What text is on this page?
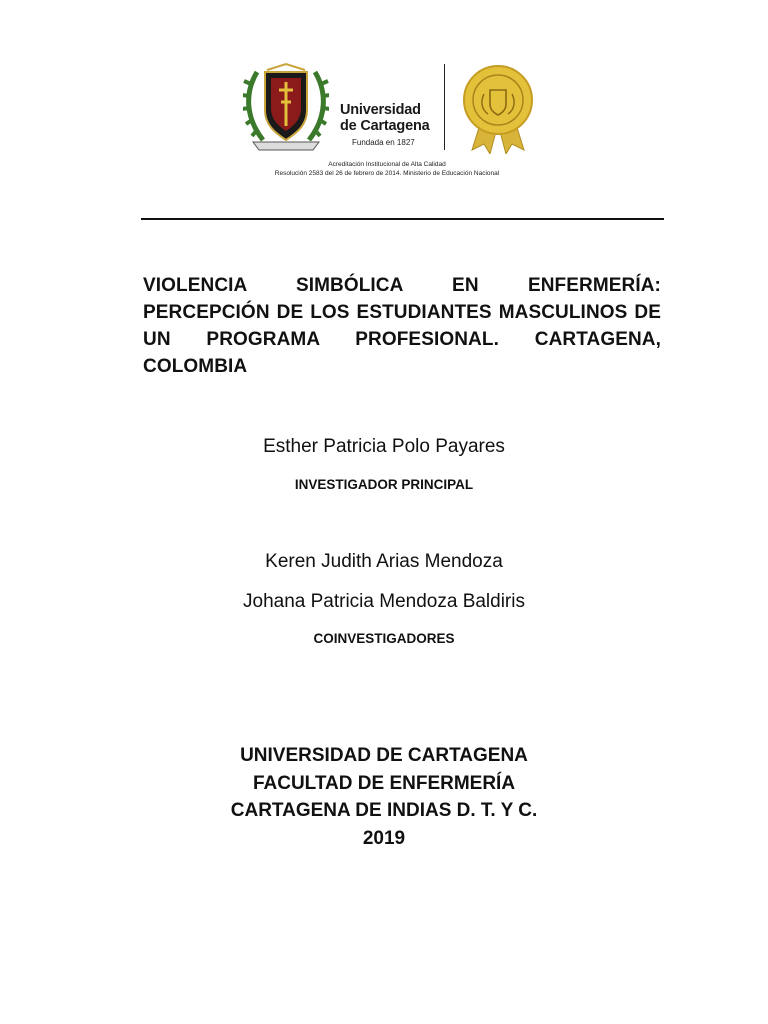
Universidad
de Cartagena
Fundada en 1827
Acreditación Institucional de Alta Calidad
Resolución 2583 del 26 de febrero de 2014. Ministerio de Educación Nacional
VIOLENCIA SIMBÓLICA EN ENFERMERÍA: PERCEPCIÓN DE LOS ESTUDIANTES MASCULINOS DE UN PROGRAMA PROFESIONAL. CARTAGENA, COLOMBIA
Esther Patricia Polo Payares
INVESTIGADOR PRINCIPAL
Keren Judith Arias Mendoza
Johana Patricia Mendoza Baldiris
COINVESTIGADORES
UNIVERSIDAD DE CARTAGENA
FACULTAD DE ENFERMERÍA
CARTAGENA DE INDIAS D. T. Y C.
2019
